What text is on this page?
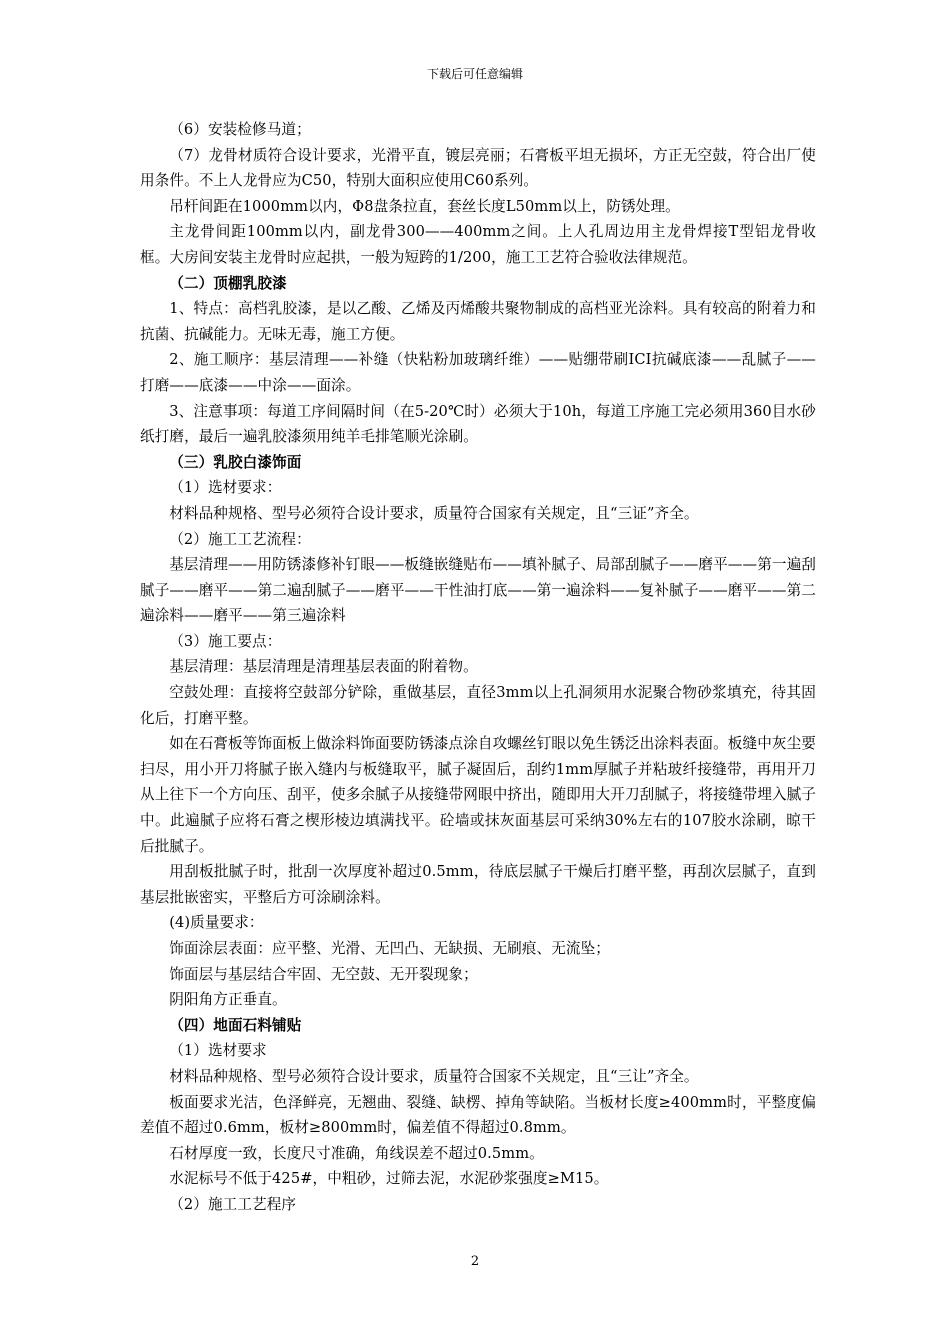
下载后可任意编辑

（6）安装检修马道；

（7）龙骨材质符合设计要求，光滑平直，镀层亮丽；石膏板平坦无损坏，方正无空鼓，符合出厂使用条件。不上人龙骨应为C50，特别大面积应使用C60系列。

吊杆间距在1000mm以内，Φ8盘条拉直，套丝长度L50mm以上，防锈处理。

主龙骨间距100mm以内，副龙骨300——400mm之间。上人孔周边用主龙骨焊接T型铝龙骨收框。大房间安装主龙骨时应起拱，一般为短跨的1/200，施工工艺符合验收法律规范。

（二）顶棚乳胶漆

1、特点：高档乳胶漆，是以乙酸、乙烯及丙烯酸共聚物制成的高档亚光涂料。具有较高的附着力和抗菌、抗碱能力。无味无毒，施工方便。

2、施工顺序：基层清理——补缝（快粘粉加玻璃纤维）——贴绷带刷ICI抗碱底漆——乱腻子——打磨——底漆——中涂——面涂。

3、注意事项：每道工序间隔时间（在5-20℃时）必须大于10h，每道工序施工完必须用360目水砂纸打磨，最后一遍乳胶漆须用纯羊毛排笔顺光涂刷。

（三）乳胶白漆饰面

（1）选材要求：

材料品种规格、型号必须符合设计要求，质量符合国家有关规定，且“三证”齐全。

（2）施工工艺流程：

基层清理——用防锈漆修补钉眼——板缝嵌缝贴布——填补腻子、局部刮腻子——磨平——第一遍刮腻子——磨平——第二遍刮腻子——磨平——干性油打底——第一遍涂料——复补腻子——磨平——第二遍涂料——磨平——第三遍涂料

（3）施工要点：

基层清理：基层清理是清理基层表面的附着物。

空鼓处理：直接将空鼓部分铲除，重做基层，直径3mm以上孔洞须用水泥聚合物砂浆填充，待其固化后，打磨平整。

如在石膏板等饰面板上做涂料饰面要防锈漆点涂自攻螺丝钉眼以免生锈泛出涂料表面。板缝中灰尘要扫尽，用小开刀将腻子嵌入缝内与板缝取平，腻子凝固后，刮约1mm厚腻子并粘玻纤接缝带，再用开刀从上往下一个方向压、刮平，使多余腻子从接缝带网眼中挤出，随即用大开刀刮腻子，将接缝带埋入腻子中。此遍腻子应将石膏之楔形棱边填满找平。砼墙或抹灰面基层可采纳30%左右的107胶水涂刷，晾干后批腻子。

用刮板批腻子时，批刮一次厚度补超过0.5mm，待底层腻子干燥后打磨平整，再刮次层腻子，直到基层批嵌密实，平整后方可涂刷涂料。

(4)质量要求：

饰面涂层表面：应平整、光滑、无凹凸、无缺损、无刷痕、无流坠；

饰面层与基层结合牢固、无空鼓、无开裂现象；

阴阳角方正垂直。

（四）地面石料铺贴

（1）选材要求

材料品种规格、型号必须符合设计要求，质量符合国家不关规定，且“三让”齐全。

板面要求光洁，色泽鲜亮，无翘曲、裂缝、缺楞、掉角等缺陷。当板材长度≥400mm时，平整度偏差值不超过0.6mm，板材≥800mm时，偏差值不得超过0.8mm。

石材厚度一致，长度尺寸准确，角线误差不超过0.5mm。

水泥标号不低于425#，中粗砂，过筛去泥，水泥砂浆强度≥M15。

（2）施工工艺程序

2
